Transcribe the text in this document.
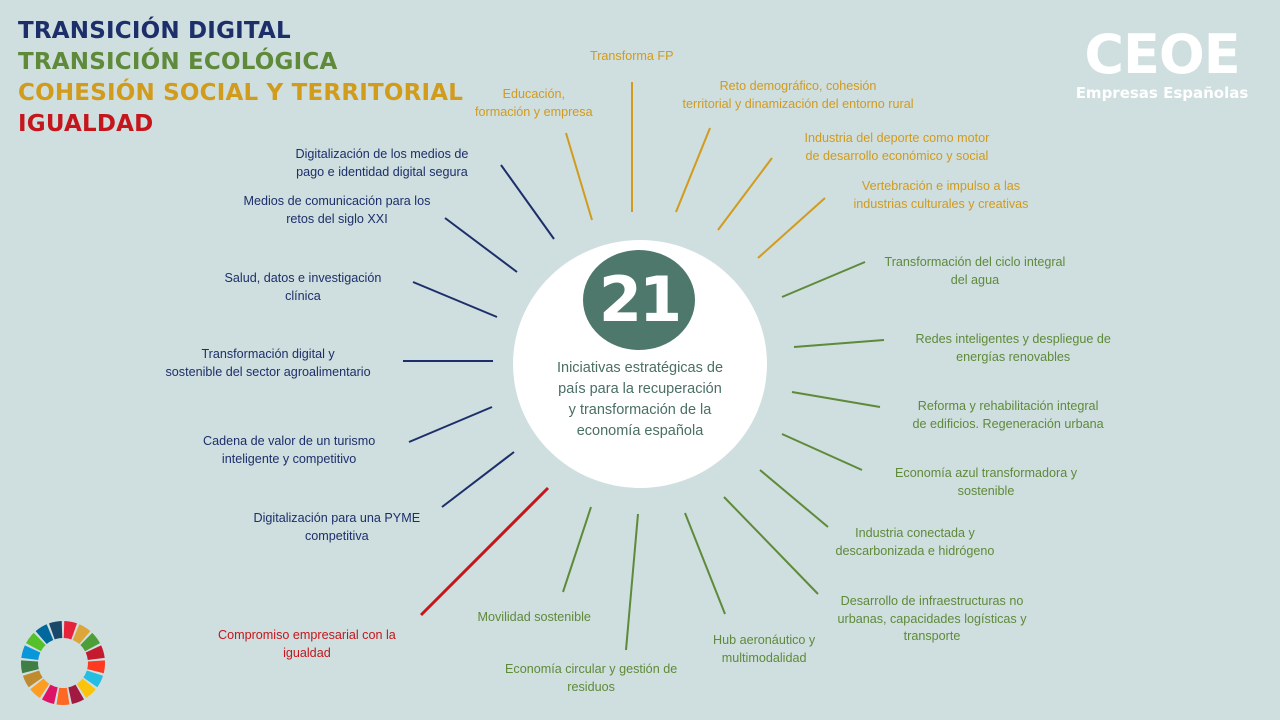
TRANSICIÓN DIGITAL
TRANSICIÓN ECOLÓGICA
COHESIÓN SOCIAL Y TERRITORIAL
IGUALDAD
CEOE
Empresas Españolas
21
Iniciativas estratégicas de
país para la recuperación
y transformación de la
economía española
Transforma FP
Reto demográfico, cohesión
territorial y dinamización del entorno rural
Industria del deporte como motor
de desarrollo económico y social
Vertebración e impulso a las
industrias culturales y creativas
Transformación del ciclo integral
del agua
Redes inteligentes y despliegue de
energías renovables
Reforma y rehabilitación integral
de edificios. Regeneración urbana
Economía azul transformadora y
sostenible
Industria conectada y
descarbonizada e hidrógeno
Desarrollo de infraestructuras no
urbanas, capacidades logísticas y
transporte
Hub aeronáutico y
multimodalidad
Economía circular y gestión de
residuos
Movilidad sostenible
Compromiso empresarial con la
igualdad
Digitalización para una PYME
competitiva
Cadena de valor de un turismo
inteligente y competitivo
Transformación digital y
sostenible del sector agroalimentario
Salud, datos e investigación
clínica
Medios de comunicación para los
retos del siglo XXI
Digitalización de los medios de
pago e identidad digital segura
Educación,
formación y empresa
